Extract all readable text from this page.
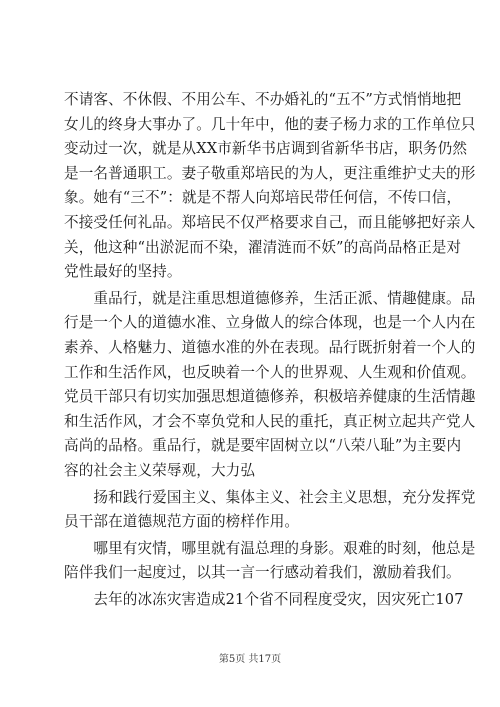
不请客、不休假、不用公车、不办婚礼的“五不”方式悄悄地把
女儿的终身大事办了。几十年中，他的妻子杨力求的工作单位只
变动过一次，就是从XX市新华书店调到省新华书店，职务仍然
是一名普通职工。妻子敬重郑培民的为人，更注重维护丈夫的形
象。她有“三不”：就是不帮人向郑培民带任何信，不传口信，
不接受任何礼品。郑培民不仅严格要求自己，而且能够把好亲人
关，他这种“出淤泥而不染，濯清涟而不妖”的高尚品格正是对
党性最好的坚持。
　　重品行，就是注重思想道德修养，生活正派、情趣健康。品
行是一个人的道德水准、立身做人的综合体现，也是一个人内在
素养、人格魅力、道德水准的外在表现。品行既折射着一个人的
工作和生活作风，也反映着一个人的世界观、人生观和价值观。
党员干部只有切实加强思想道德修养，积极培养健康的生活情趣
和生活作风，才会不辜负党和人民的重托，真正树立起共产党人
高尚的品格。重品行，就是要牢固树立以“八荣八耻”为主要内
容的社会主义荣辱观，大力弘
　　扬和践行爱国主义、集体主义、社会主义思想，充分发挥党
员干部在道德规范方面的榜样作用。
　　哪里有灾情，哪里就有温总理的身影。艰难的时刻，他总是
陪伴我们一起度过，以其一言一行感动着我们，激励着我们。
　　去年的冰冻灾害造成21个省不同程度受灾，因灾死亡107
第5页 共17页
